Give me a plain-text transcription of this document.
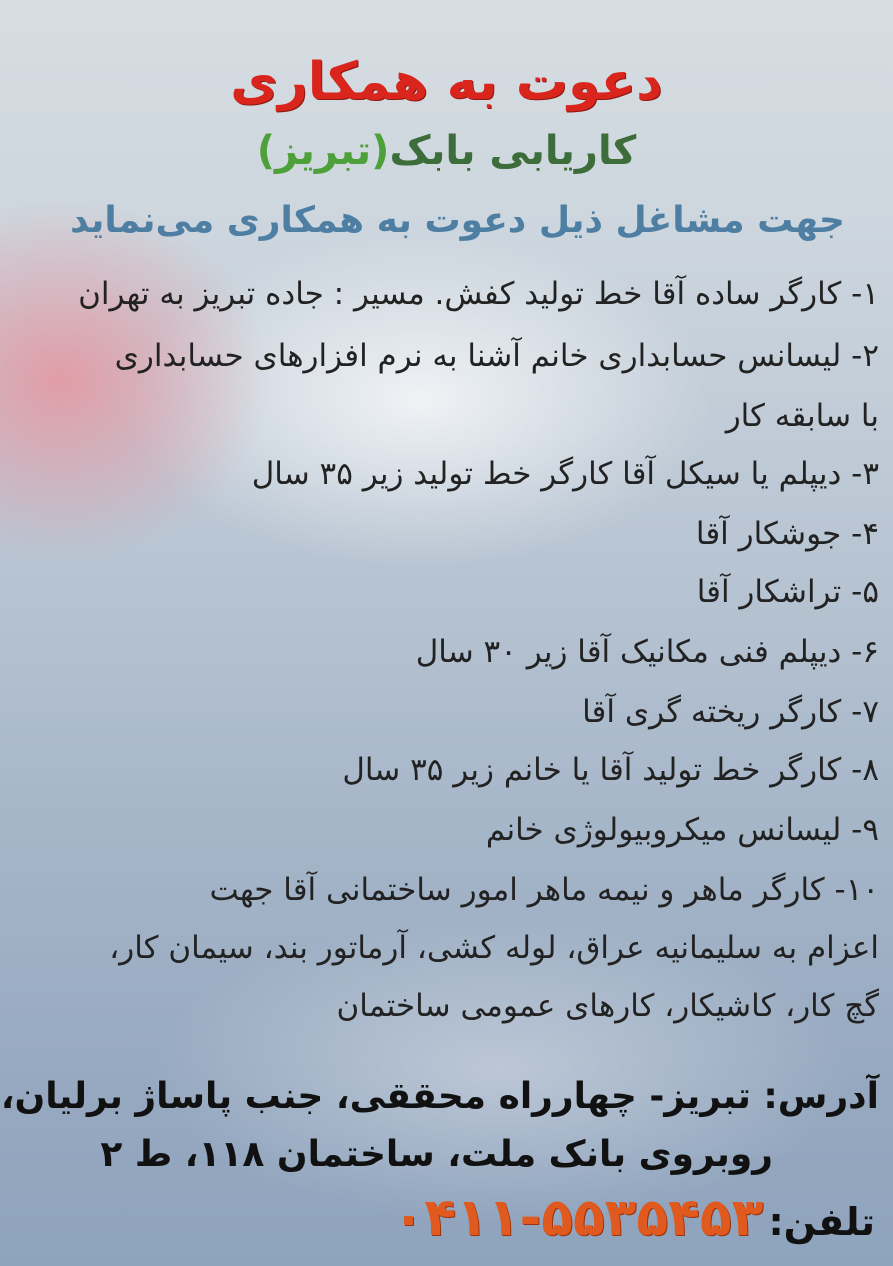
دعوت به همکاری
کاریابی بابک(تبریز)
جهت مشاغل ذیل دعوت به همکاری می‌نماید
۱- کارگر ساده آقا خط تولید کفش. مسیر : جاده تبریز به تهران
۲- لیسانس حسابداری خانم آشنا به نرم افزارهای حسابداری
با سابقه کار
۳- دیپلم یا سیکل آقا کارگر خط تولید زیر ۳۵ سال
۴- جوشکار آقا
۵- تراشکار آقا
۶- دیپلم فنی مکانیک آقا زیر ۳۰ سال
۷- کارگر ریخته گری آقا
۸- کارگر خط تولید آقا یا خانم زیر ۳۵ سال
۹- لیسانس میکروبیولوژی خانم
۱۰- کارگر ماهر و نیمه ماهر امور ساختمانی آقا جهت
اعزام به سلیمانیه عراق، لوله کشی، آرماتور بند، سیمان کار،
گچ کار، کاشیکار، کارهای عمومی ساختمان
آدرس: تبریز- چهارراه محققی، جنب پاساژ برلیان،
روبروی بانک ملت، ساختمان ۱۱۸، ط ۲
تلفن: ۰۴۱۱-۵۵۳۵۴۵۳
